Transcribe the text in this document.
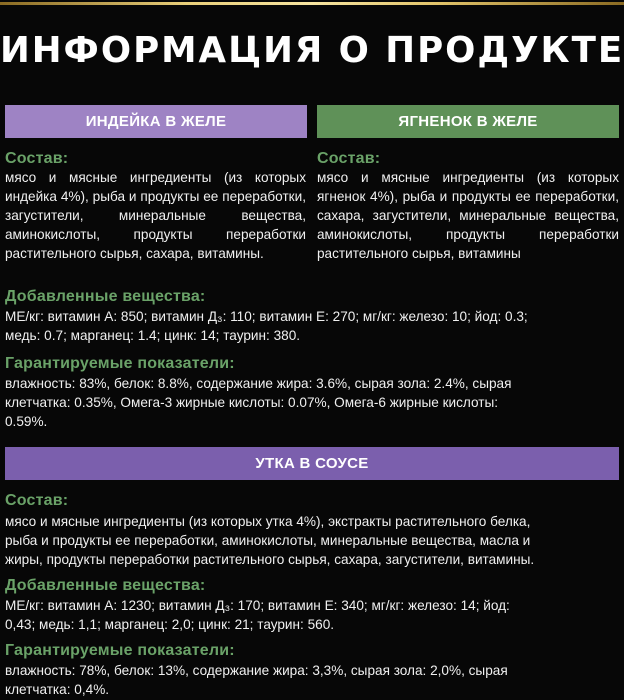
ИНФОРМАЦИЯ О ПРОДУКТЕ
ИНДЕЙКА В ЖЕЛЕ	ЯГНЕНОК В ЖЕЛЕ
Состав:
мясо и мясные ингредиенты (из которых индейка 4%), рыба и продукты ее переработки, загустители, минеральные вещества, аминокислоты, продукты переработки растительного сырья, сахара, витамины.
Состав:
мясо и мясные ингредиенты (из которых ягненок 4%), рыба и продукты ее переработки, сахара, загустители, минеральные вещества, аминокислоты, продукты переработки растительного сырья, витамины
Добавленные вещества:
МЕ/кг: витамин А: 850; витамин Д₃: 110; витамин Е: 270; мг/кг: железо: 10; йод: 0.3;
медь: 0.7; марганец: 1.4; цинк: 14; таурин: 380.
Гарантируемые показатели:
влажность: 83%, белок: 8.8%, содержание жира: 3.6%, сырая зола: 2.4%, сырая
клетчатка: 0.35%, Омега-3 жирные кислоты: 0.07%, Омега-6 жирные кислоты:
0.59%.
УТКА В СОУСЕ
Состав:
мясо и мясные ингредиенты (из которых утка 4%), экстракты растительного белка,
рыба и продукты ее переработки, аминокислоты, минеральные вещества, масла и
жиры, продукты переработки растительного сырья, сахара, загустители, витамины.
Добавленные вещества:
МЕ/кг: витамин А: 1230; витамин Д₃: 170; витамин Е: 340; мг/кг: железо: 14; йод:
0,43; медь: 1,1; марганец: 2,0; цинк: 21; таурин: 560.
Гарантируемые показатели:
влажность: 78%, белок: 13%, содержание жира: 3,3%, сырая зола: 2,0%, сырая
клетчатка: 0,4%.
